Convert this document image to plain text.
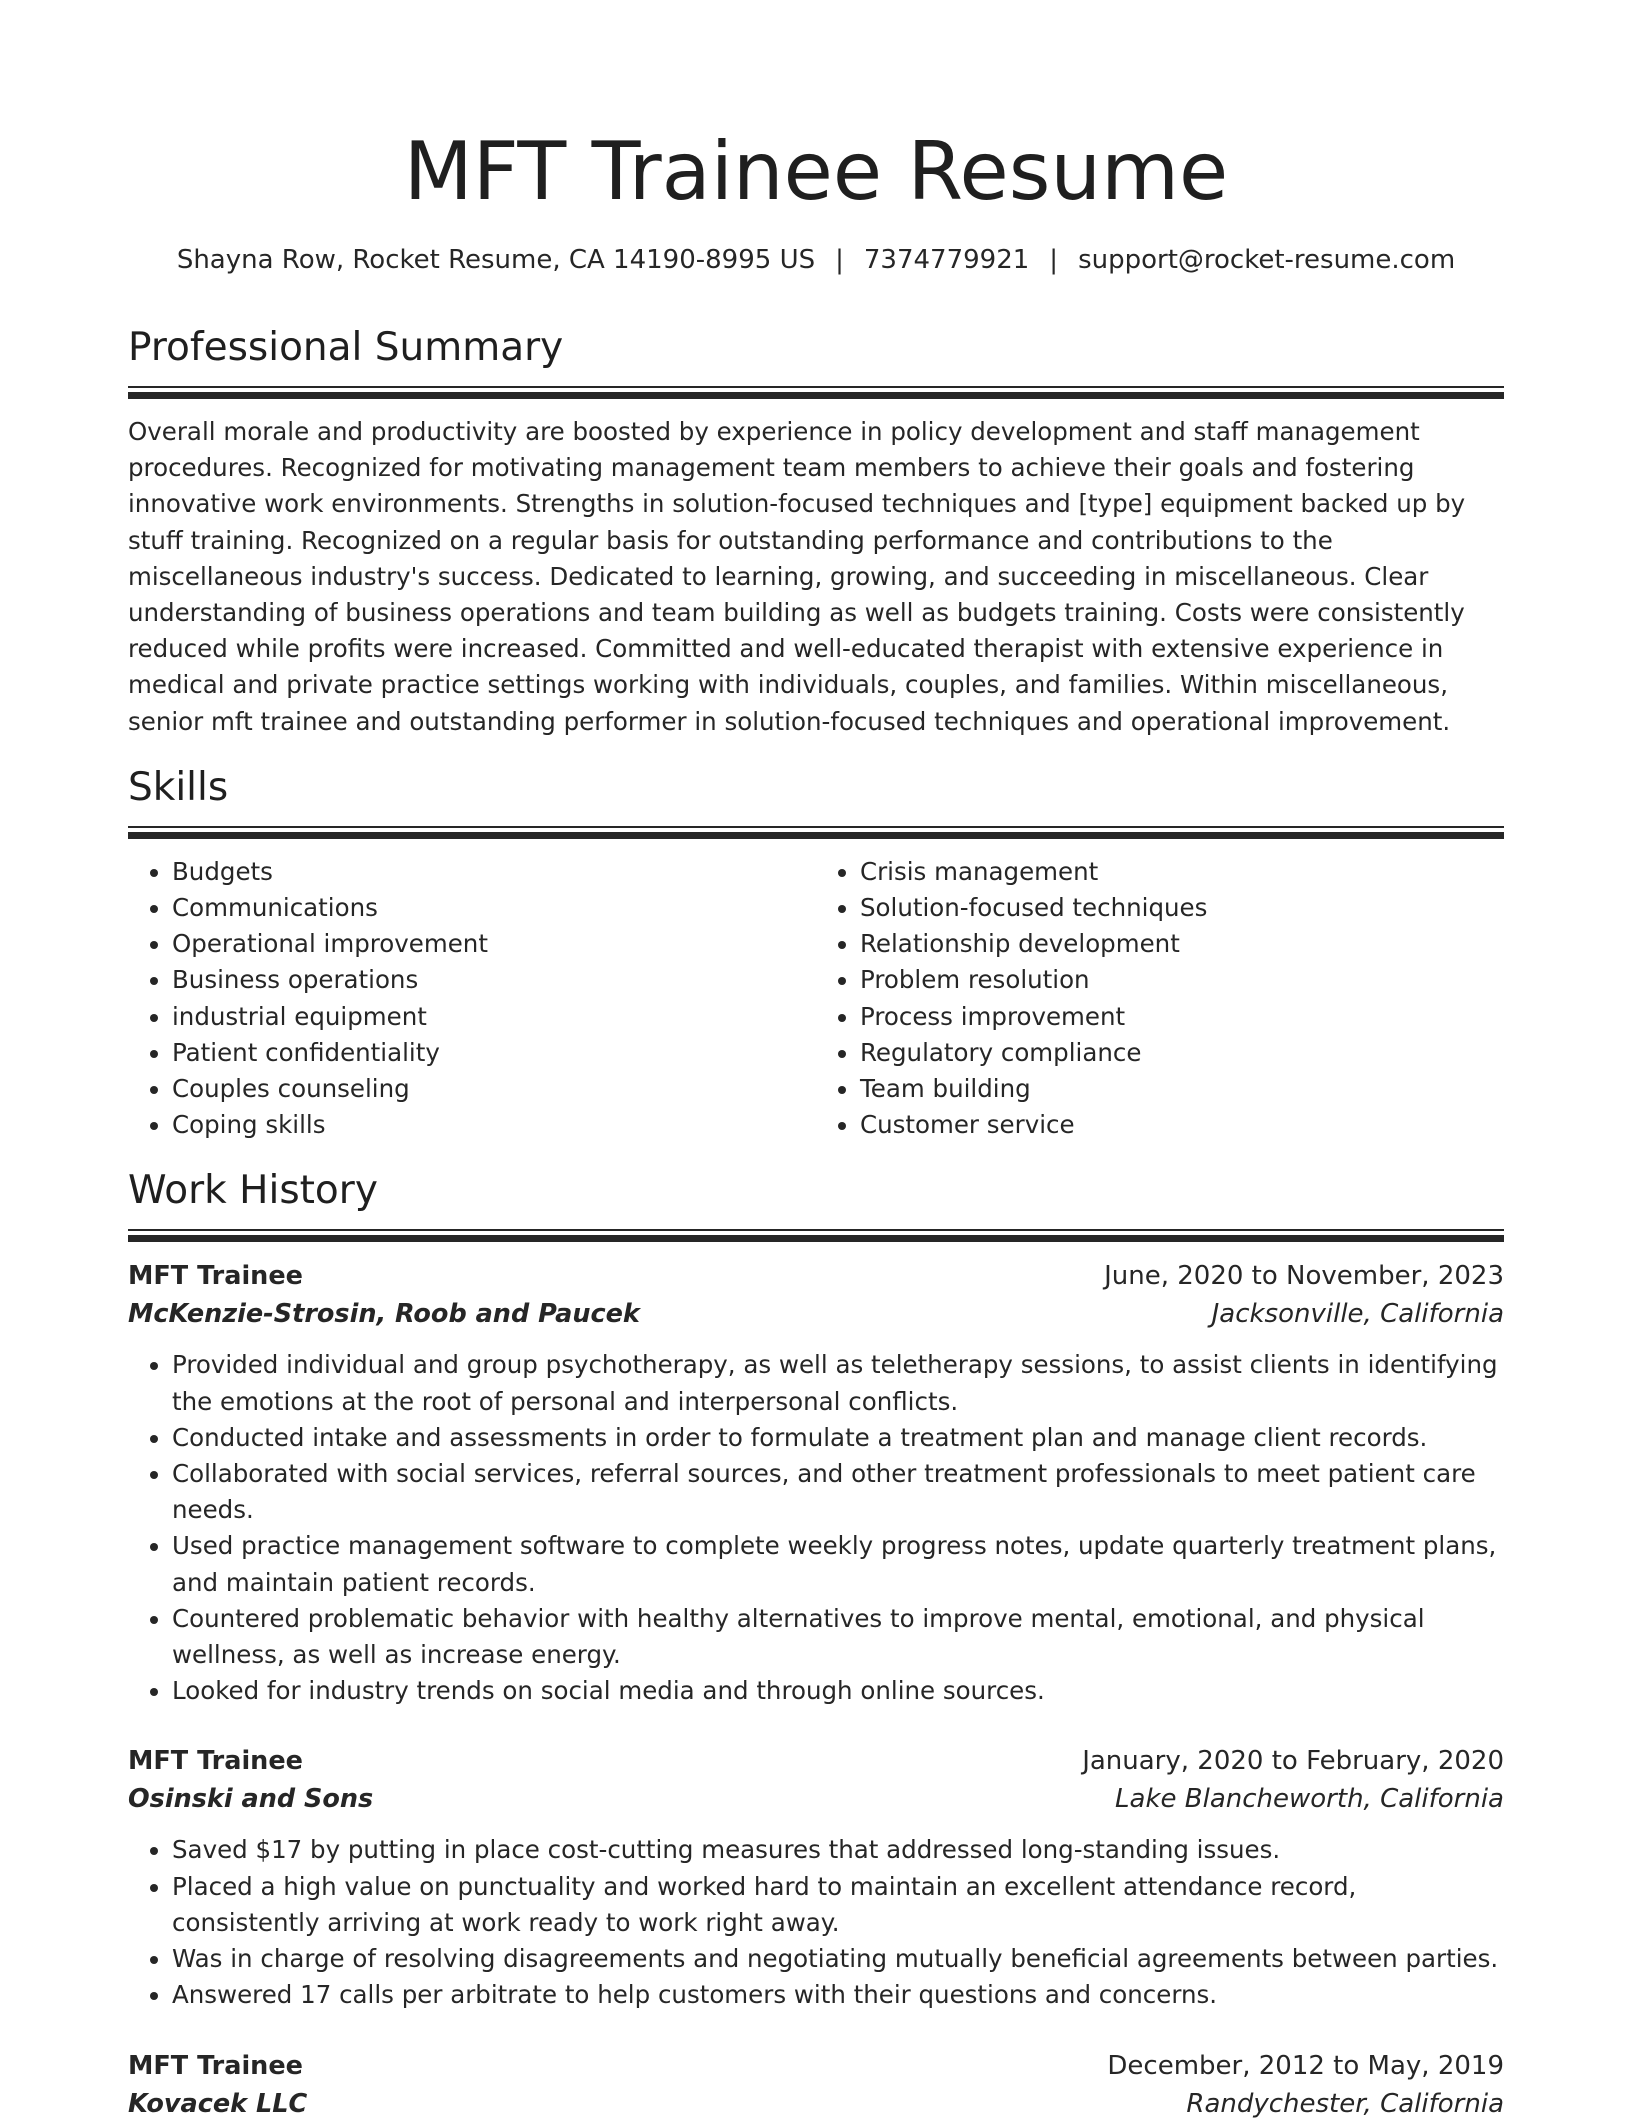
MFT Trainee Resume
Shayna Row, Rocket Resume, CA 14190-8995 US | 7374779921 | support@rocket-resume.com
Professional Summary

Overall morale and productivity are boosted by experience in policy development and staff management procedures. Recognized for motivating management team members to achieve their goals and fostering innovative work environments. Strengths in solution-focused techniques and [type] equipment backed up by stuff training. Recognized on a regular basis for outstanding performance and contributions to the miscellaneous industry's success. Dedicated to learning, growing, and succeeding in miscellaneous. Clear understanding of business operations and team building as well as budgets training. Costs were consistently reduced while profits were increased. Committed and well-educated therapist with extensive experience in medical and private practice settings working with individuals, couples, and families. Within miscellaneous, senior mft trainee and outstanding performer in solution-focused techniques and operational improvement.

Skills
• Budgets
• Communications
• Operational improvement
• Business operations
• industrial equipment
• Patient confidentiality
• Couples counseling
• Coping skills
• Crisis management
• Solution-focused techniques
• Relationship development
• Problem resolution
• Process improvement
• Regulatory compliance
• Team building
• Customer service
Work History
MFT Trainee	June, 2020 to November, 2023
McKenzie-Strosin, Roob and Paucek	Jacksonville, California
• Provided individual and group psychotherapy, as well as teletherapy sessions, to assist clients in identifying the emotions at the root of personal and interpersonal conflicts.
• Conducted intake and assessments in order to formulate a treatment plan and manage client records.
• Collaborated with social services, referral sources, and other treatment professionals to meet patient care needs.
• Used practice management software to complete weekly progress notes, update quarterly treatment plans, and maintain patient records.
• Countered problematic behavior with healthy alternatives to improve mental, emotional, and physical wellness, as well as increase energy.
• Looked for industry trends on social media and through online sources.
MFT Trainee	January, 2020 to February, 2020
Osinski and Sons	Lake Blancheworth, California
• Saved $17 by putting in place cost-cutting measures that addressed long-standing issues.
• Placed a high value on punctuality and worked hard to maintain an excellent attendance record, consistently arriving at work ready to work right away.
• Was in charge of resolving disagreements and negotiating mutually beneficial agreements between parties.
• Answered 17 calls per arbitrate to help customers with their questions and concerns.
MFT Trainee	December, 2012 to May, 2019
Kovacek LLC	Randychester, California
